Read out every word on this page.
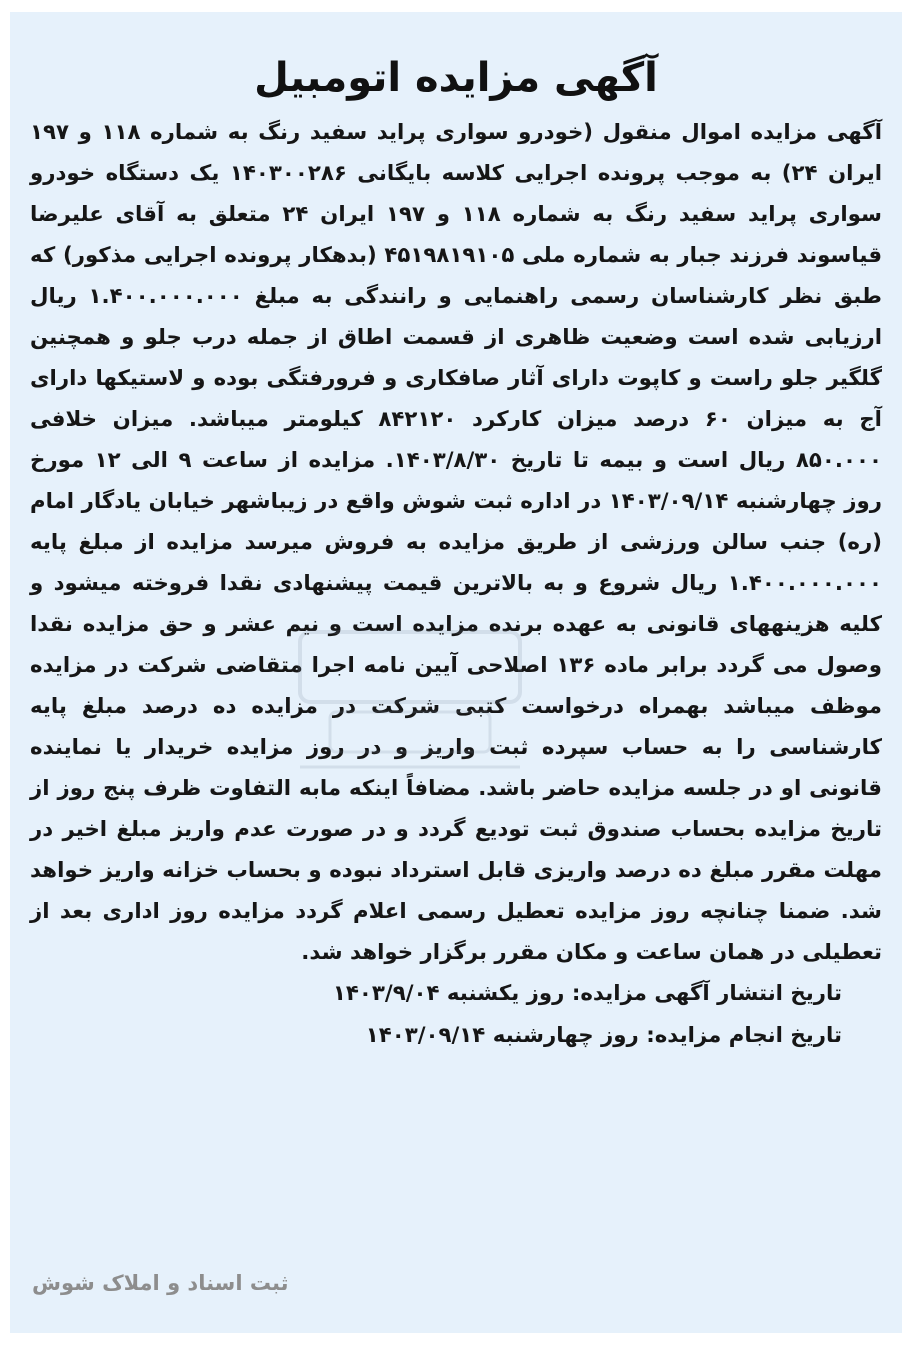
آگهی مزایده اتومبیل

آگهی مزایده اموال منقول (خودرو سواری پراید سفید رنگ به شماره ۱۱۸ و ۱۹۷ ایران ۲۴) به موجب پرونده اجرایی کلاسه بایگانی ۱۴۰۳۰۰۲۸۶ یک دستگاه خودرو سواری پراید سفید رنگ به شماره ۱۱۸ و ۱۹۷ ایران ۲۴ متعلق به آقای علیرضا قیاسوند فرزند جبار به شماره ملی ۴۵۱۹۸۱۹۱۰۵ (بدهکار پرونده اجرایی مذکور) که طبق نظر کارشناسان رسمی راهنمایی و رانندگی به مبلغ ۱.۴۰۰.۰۰۰.۰۰۰ ریال ارزیابی شده است وضعیت ظاهری از قسمت اطاق از جمله درب جلو و همچنین گلگیر جلو راست و کاپوت دارای آثار صافکاری و فرورفتگی بوده و لاستیکها دارای آج به میزان ۶۰ درصد میزان کارکرد ۸۴۲۱۲۰ کیلومتر میباشد. میزان خلافی ۸۵۰.۰۰۰ ریال است و بیمه تا تاریخ ۱۴۰۳/۸/۳۰. مزایده از ساعت ۹ الی ۱۲ مورخ روز چهارشنبه ۱۴۰۳/۰۹/۱۴ در اداره ثبت شوش واقع در زیباشهر خیابان یادگار امام (ره) جنب سالن ورزشی از طریق مزایده به فروش میرسد مزایده از مبلغ پایه ۱.۴۰۰.۰۰۰.۰۰۰ ریال شروع و به بالاترین قیمت پیشنهادی نقدا فروخته میشود و کلیه هزینههای قانونی به عهده برنده مزایده است و نیم عشر و حق مزایده نقدا وصول می گردد برابر ماده ۱۳۶ اصلاحی آیین نامه اجرا متقاضی شرکت در مزایده موظف میباشد بهمراه درخواست کتبی شرکت در مزایده ده درصد مبلغ پایه کارشناسی را به حساب سپرده ثبت واریز و در روز مزایده خریدار یا نماینده قانونی او در جلسه مزایده حاضر باشد. مضافاً اینکه مابه التفاوت ظرف پنج روز از تاریخ مزایده بحساب صندوق ثبت تودیع گردد و در صورت عدم واریز مبلغ اخیر در مهلت مقرر مبلغ ده درصد واریزی قابل استرداد نبوده و بحساب خزانه واریز خواهد شد. ضمنا چنانچه روز مزایده تعطیل رسمی اعلام گردد مزایده روز اداری بعد از تعطیلی در همان ساعت و مکان مقرر برگزار خواهد شد.

تاریخ انتشار آگهی مزایده: روز یکشنبه ۱۴۰۳/۹/۰۴

تاریخ انجام مزایده: روز چهارشنبه ۱۴۰۳/۰۹/۱۴

ثبت اسناد و املاک شوش
